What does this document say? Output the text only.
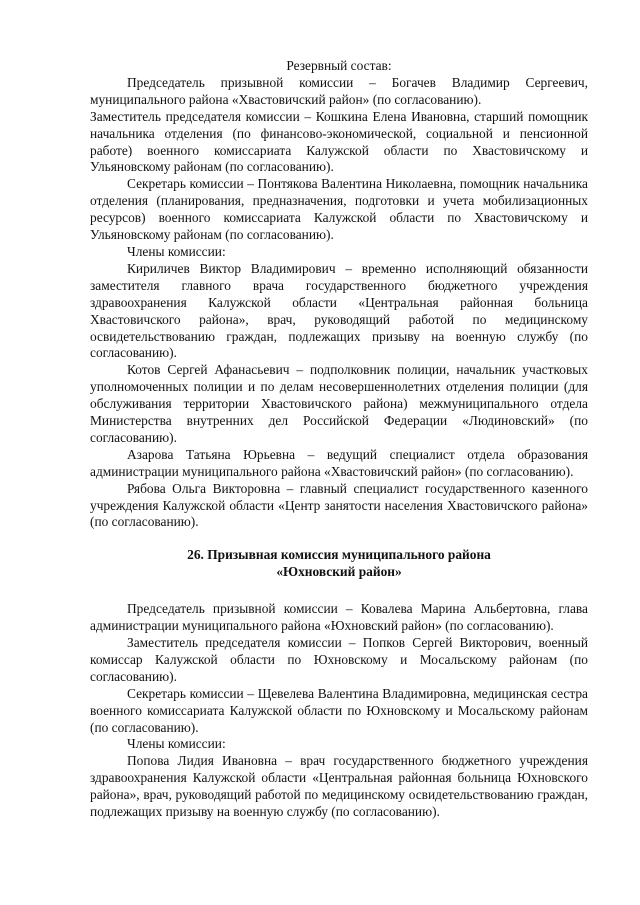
Резервный состав:

Председатель призывной комиссии – Богачев Владимир Сергеевич, муниципального района «Хвастовичский район» (по согласованию).

Заместитель председателя комиссии – Кошкина Елена Ивановна, старший помощник начальника отделения (по финансово-экономической, социальной и пенсионной работе) военного комиссариата Калужской области по Хвастовичскому и Ульяновскому районам (по согласованию).

Секретарь комиссии – Понтякова Валентина Николаевна, помощник начальника отделения (планирования, предназначения, подготовки и учета мобилизационных ресурсов) военного комиссариата Калужской области по Хвастовичскому и Ульяновскому районам (по согласованию).

Члены комиссии:

Кириличев Виктор Владимирович – временно исполняющий обязанности заместителя главного врача государственного бюджетного учреждения здравоохранения Калужской области «Центральная районная больница Хвастовичского района», врач, руководящий работой по медицинскому освидетельствованию граждан, подлежащих призыву на военную службу (по согласованию).

Котов Сергей Афанасьевич – подполковник полиции, начальник участковых уполномоченных полиции и по делам несовершеннолетних отделения полиции (для обслуживания территории Хвастовичского района) межмуниципального отдела Министерства внутренних дел Российской Федерации «Людиновский» (по согласованию).

Азарова Татьяна Юрьевна – ведущий специалист отдела образования администрации муниципального района «Хвастовичский район» (по согласованию).

Рябова Ольга Викторовна – главный специалист государственного казенного учреждения Калужской области «Центр занятости населения Хвастовичского района» (по согласованию).

26. Призывная комиссия муниципального района
«Юхновский район»

Председатель призывной комиссии – Ковалева Марина Альбертовна, глава администрации муниципального района «Юхновский район» (по согласованию).

Заместитель председателя комиссии – Попков Сергей Викторович, военный комиссар Калужской области по Юхновскому и Мосальскому районам (по согласованию).

Секретарь комиссии – Щевелева Валентина Владимировна, медицинская сестра военного комиссариата Калужской области по Юхновскому и Мосальскому районам (по согласованию).

Члены комиссии:

Попова Лидия Ивановна – врач государственного бюджетного учреждения здравоохранения Калужской области «Центральная районная больница Юхновского района», врач, руководящий работой по медицинскому освидетельствованию граждан, подлежащих призыву на военную службу (по согласованию).
